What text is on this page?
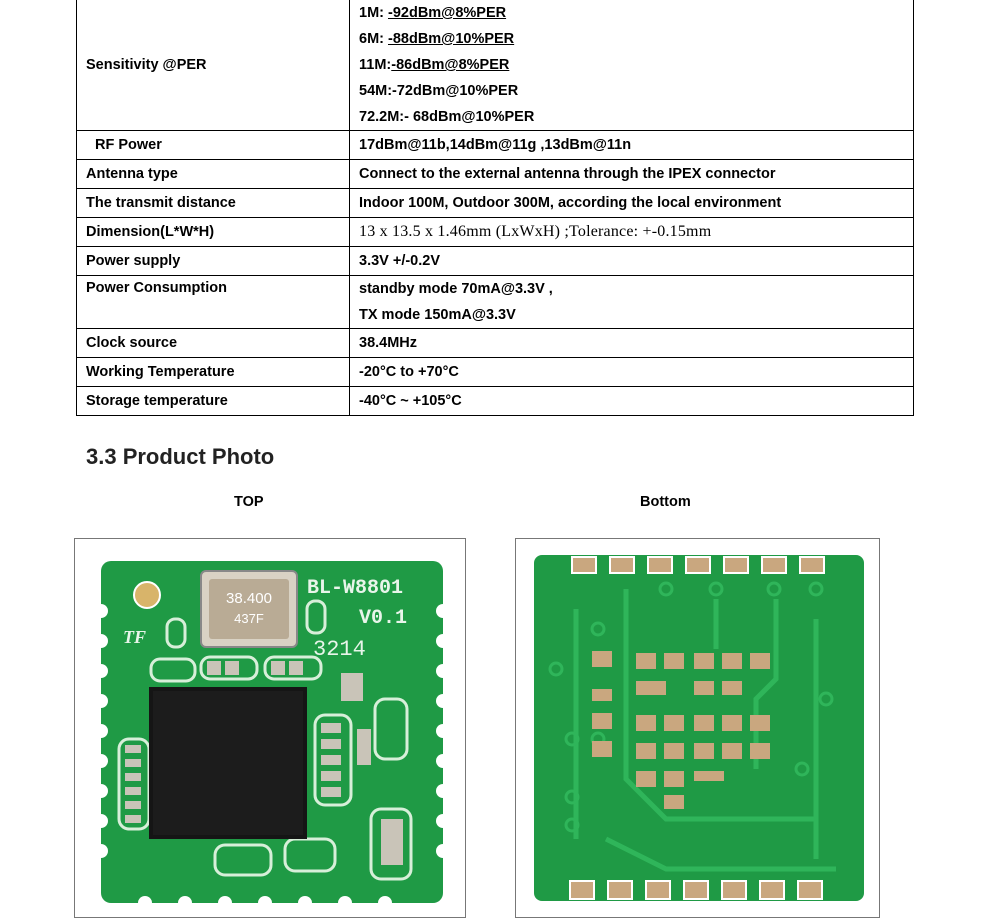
Sensitivity @PER	1M: -92dBm@8%PER
6M: -88dBm@10%PER
11M:-86dBm@8%PER
54M:-72dBm@10%PER
72.2M:- 68dBm@10%PER

RF Power	17dBm@11b,14dBm@11g ,13dBm@11n
Antenna type	Connect to the external antenna through the IPEX connector
The transmit distance	Indoor 100M, Outdoor 300M, according the local environment
Dimension(L*W*H)	13 x 13.5 x 1.46mm (LxWxH) ;Tolerance: +-0.15mm
Power supply	3.3V +/-0.2V
Power Consumption	standby mode 70mA@3.3V ,
TX mode 150mA@3.3V

Clock source	38.4MHz
Working Temperature	-20°C to +70°C
Storage temperature	-40°C ~ +105°C
3.3 Product Photo
TOP	Bottom
38.400
437F
BL-W8801
V0.1
3214
TF
